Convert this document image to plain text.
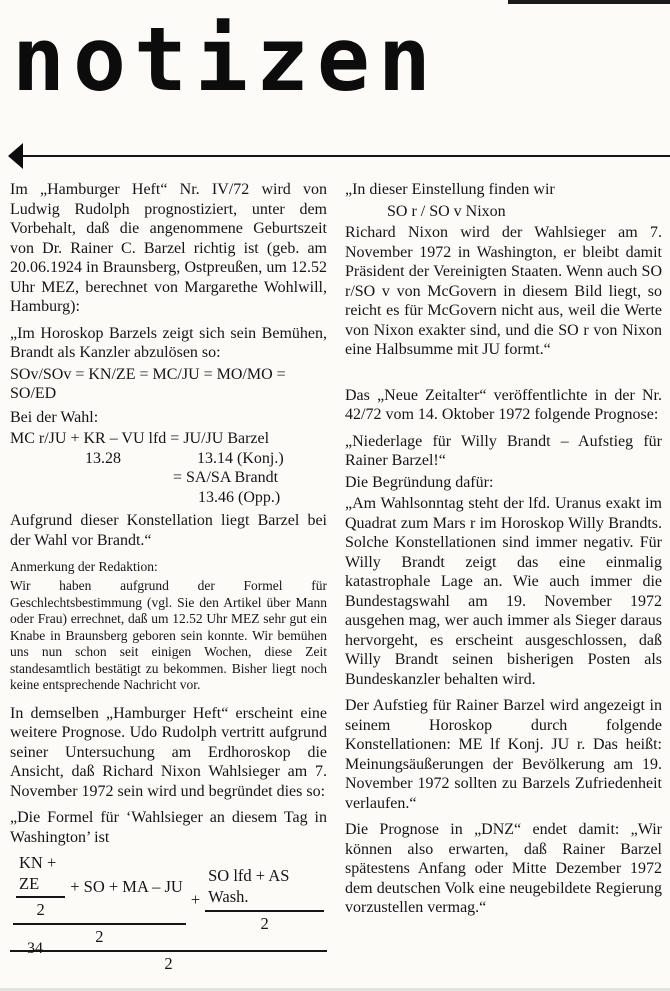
notizen

Im „Hamburger Heft“ Nr. IV/72 wird von Ludwig Rudolph prognostiziert, unter dem Vorbehalt, daß die angenommene Geburtszeit von Dr. Rainer C. Barzel richtig ist (geb. am 20.06.1924 in Braunsberg, Ostpreußen, um 12.52 Uhr MEZ, berechnet von Margarethe Wohlwill, Hamburg):

„Im Horoskop Barzels zeigt sich sein Bemühen, Brandt als Kanzler abzulösen so:

SOv/SOv = KN/ZE = MC/JU = MO/MO =
SO/ED

Bei der Wahl:

MC r/JU + KR – VU lfd = JU/JU Barzel
13.28	13.14 (Konj.)
= SA/SA Brandt
13.46 (Opp.)

Aufgrund dieser Konstellation liegt Barzel bei der Wahl vor Brandt.“

Anmerkung der Redaktion:

Wir haben aufgrund der Formel für Geschlechtsbestimmung (vgl. Sie den Artikel über Mann oder Frau) errechnet, daß um 12.52 Uhr MEZ sehr gut ein Knabe in Braunsberg geboren sein konnte. Wir bemühen uns nun schon seit einigen Wochen, diese Zeit standesamtlich bestätigt zu bekommen. Bisher liegt noch keine entsprechende Nachricht vor.

In demselben „Hamburger Heft“ erscheint eine weitere Prognose. Udo Rudolph vertritt aufgrund seiner Untersuchung am Erdhoroskop die Ansicht, daß Richard Nixon Wahlsieger am 7. November 1972 sein wird und begründet dies so:

„Die Formel für ‘Wahlsieger an diesem Tag in Washington’ ist

$\frac{KN + ZE}{2}$ + SO + MA – JU
2
+ $\frac{\text{SO lfd + AS Wash.}}{2}$
2

„In dieser Einstellung finden wir

SO r / SO v Nixon

Richard Nixon wird der Wahlsieger am 7. November 1972 in Washington, er bleibt damit Präsident der Vereinigten Staaten. Wenn auch SO r/SO v von McGovern in diesem Bild liegt, so reicht es für McGovern nicht aus, weil die Werte von Nixon exakter sind, und die SO r von Nixon eine Halbsumme mit JU formt.“

Das „Neue Zeitalter“ veröffentlichte in der Nr. 42/72 vom 14. Oktober 1972 folgende Prognose:

„Niederlage für Willy Brandt – Aufstieg für Rainer Barzel!“

Die Begründung dafür:

„Am Wahlsonntag steht der lfd. Uranus exakt im Quadrat zum Mars r im Horoskop Willy Brandts. Solche Konstellationen sind immer negativ. Für Willy Brandt zeigt das eine einmalig katastrophale Lage an. Wie auch immer die Bundestagswahl am 19. November 1972 ausgehen mag, wer auch immer als Sieger daraus hervorgeht, es erscheint ausgeschlossen, daß Willy Brandt seinen bisherigen Posten als Bundeskanzler behalten wird.

Der Aufstieg für Rainer Barzel wird angezeigt in seinem Horoskop durch folgende Konstellationen: ME lf Konj. JU r. Das heißt: Meinungsäußerungen der Bevölkerung am 19. November 1972 sollten zu Barzels Zufriedenheit verlaufen.“

Die Prognose in „DNZ“ endet damit: „Wir können also erwarten, daß Rainer Barzel spätestens Anfang oder Mitte Dezember 1972 dem deutschen Volk eine neugebildete Regierung vorzustellen vermag.“

34
